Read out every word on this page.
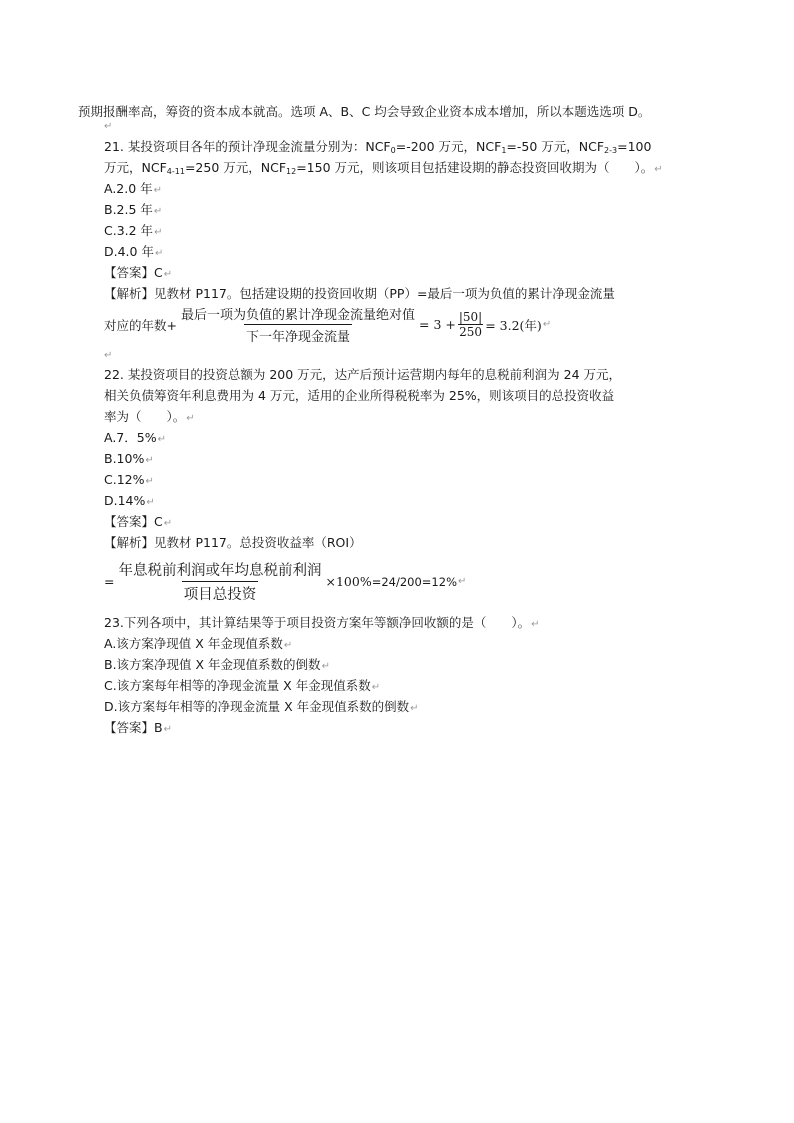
预期报酬率高，筹资的资本成本就高。选项 A、B、C 均会导致企业资本成本增加，所以本题选选项 D。
↵
21. 某投资项目各年的预计净现金流量分别为：$NCF_0=-200$ 万元，$NCF_1=-50$ 万元，$NCF_{2-3}=100$
万元，$NCF_{4-11}=250$ 万元，$NCF_{12}=150$ 万元，则该项目包括建设期的静态投资回收期为（　　）。↵
A.2.0 年↵
B.2.5 年↵
C.3.2 年↵
D.4.0 年↵
【答案】C↵
【解析】见教材 P117。包括建设期的投资回收期（PP）=最后一项为负值的累计净现金流量
对应的年数+ $\frac{\text{最后一项为负值的累计净现金流量绝对值}}{\text{下一年净现金流量}} = 3 + \frac{|50|}{250} = 3.2$(年) ↵
↵
22. 某投资项目的投资总额为 200 万元，达产后预计运营期内每年的息税前利润为 24 万元，
相关负债筹资年利息费用为 4 万元，适用的企业所得税税率为 25%，则该项目的总投资收益
率为（　　）。↵
A.7．5%↵
B.10%↵
C.12%↵
D.14%↵
【答案】C↵
【解析】见教材 P117。总投资收益率（ROI）
= $\frac{\text{年息税前利润或年均息税前利润}}{\text{项目总投资}} \times 100\% =24/200=12\%$ ↵
23.下列各项中，其计算结果等于项目投资方案年等额净回收额的是（　　）。↵
A.该方案净现值 X 年金现值系数↵
B.该方案净现值 X 年金现值系数的倒数↵
C.该方案每年相等的净现金流量 X 年金现值系数↵
D.该方案每年相等的净现金流量 X 年金现值系数的倒数↵
【答案】B↵
